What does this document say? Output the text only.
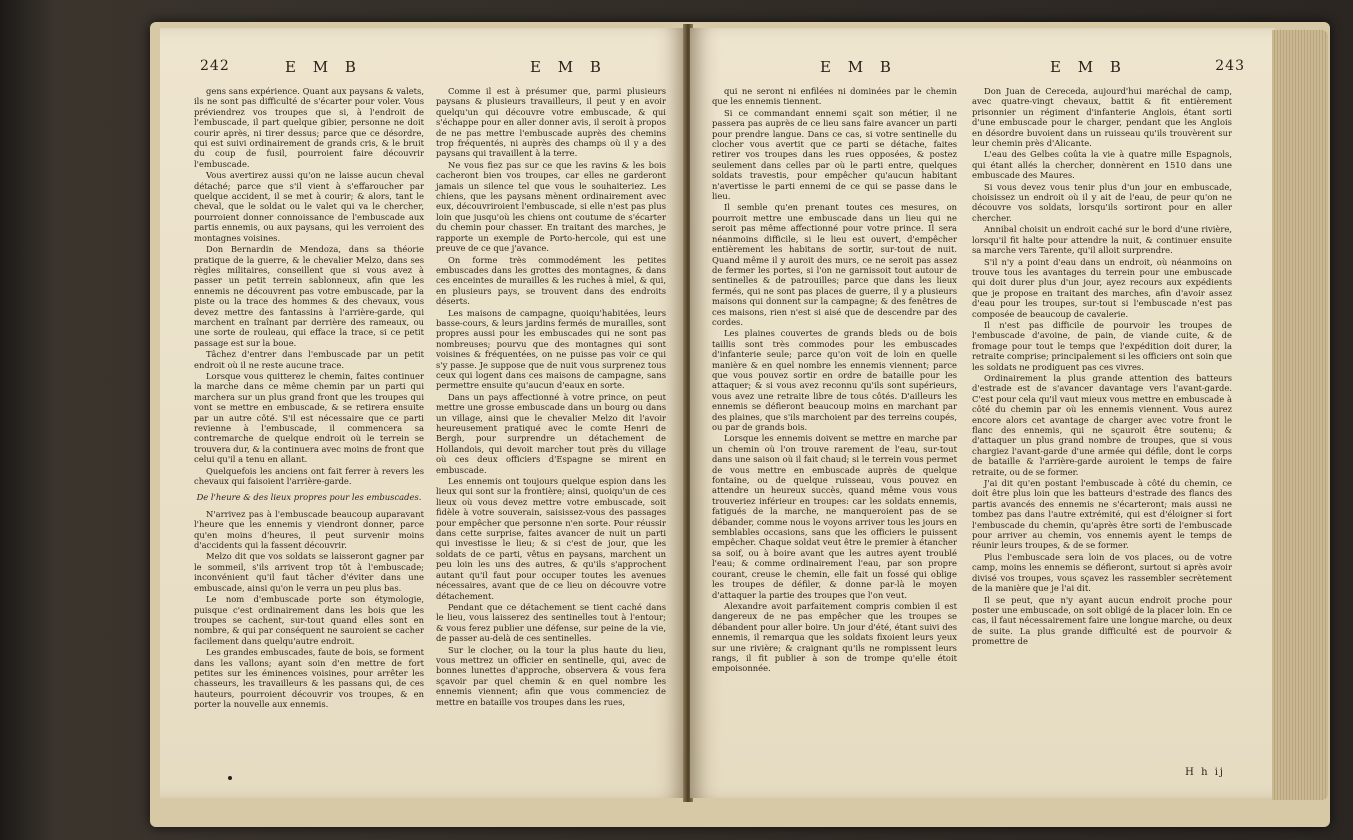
242	E M B	E M B

gens sans expérience. Quant aux paysans & valets, ils ne sont pas difficulté de s'écarter pour voler. Vous préviendrez vos troupes que si, à l'endroit de l'embuscade, il part quelque gibier, personne ne doit courir après, ni tirer dessus; parce que ce désordre, qui est suivi ordinairement de grands cris, & le bruit du coup de fusil, pourroient faire découvrir l'embuscade.

Vous avertirez aussi qu'on ne laisse aucun cheval détaché; parce que s'il vient à s'effaroucher par quelque accident, il se met à courir; & alors, tant le cheval, que le soldat ou le valet qui va le chercher, pourroient donner connoissance de l'embuscade aux partis ennemis, ou aux paysans, qui les verroient des montagnes voisines.

Don Bernardin de Mendoza, dans sa théorie pratique de la guerre, & le chevalier Melzo, dans ses règles militaires, conseillent que si vous avez à passer un petit terrein sablonneux, afin que les ennemis ne découvrent pas votre embuscade, par la piste ou la trace des hommes & des chevaux, vous devez mettre des fantassins à l'arrière-garde, qui marchent en traînant par derrière des rameaux, ou une sorte de rouleau, qui efface la trace, si ce petit passage est sur la boue.

Tâchez d'entrer dans l'embuscade par un petit endroit où il ne reste aucune trace.

Lorsque vous quitterez le chemin, faites continuer la marche dans ce même chemin par un parti qui marchera sur un plus grand front que les troupes qui vont se mettre en embuscade, & se retirera ensuite par un autre côté. S'il est nécessaire que ce parti revienne à l'embuscade, il commencera sa contremarche de quelque endroit où le terrein se trouvera dur, & la continuera avec moins de front que celui qu'il a tenu en allant.

Quelquefois les anciens ont fait ferrer à revers les chevaux qui faisoient l'arrière-garde.

De l'heure & des lieux propres pour les embuscades.

N'arrivez pas à l'embuscade beaucoup auparavant l'heure que les ennemis y viendront donner, parce qu'en moins d'heures, il peut survenir moins d'accidents qui la fassent découvrir.

Melzo dit que vos soldats se laisseront gagner par le sommeil, s'ils arrivent trop tôt à l'embuscade; inconvénient qu'il faut tâcher d'éviter dans une embuscade, ainsi qu'on le verra un peu plus bas.

Le nom d'embuscade porte son étymologie, puisque c'est ordinairement dans les bois que les troupes se cachent, sur-tout quand elles sont en nombre, & qui par conséquent ne sauroient se cacher facilement dans quelqu'autre endroit.

Les grandes embuscades, faute de bois, se forment dans les vallons; ayant soin d'en mettre de fort petites sur les éminences voisines, pour arrêter les chasseurs, les travailleurs & les passans qui, de ces hauteurs, pourroient découvrir vos troupes, & en porter la nouvelle aux ennemis.

Comme il est à présumer que, parmi plusieurs paysans & plusieurs travailleurs, il peut y en avoir quelqu'un qui découvre votre embuscade, & qui s'échappe pour en aller donner avis, il seroit à propos de ne pas mettre l'embuscade auprès des chemins trop fréquentés, ni auprès des champs où il y a des paysans qui travaillent à la terre.

Ne vous fiez pas sur ce que les ravins & les bois cacheront bien vos troupes, car elles ne garderont jamais un silence tel que vous le souhaiteriez. Les chiens, que les paysans mènent ordinairement avec eux, découvriroient l'embuscade, si elle n'est pas plus loin que jusqu'où les chiens ont coutume de s'écarter du chemin pour chasser. En traitant des marches, je rapporte un exemple de Porto-hercole, qui est une preuve de ce que j'avance.

On forme très commodément les petites embuscades dans les grottes des montagnes, & dans ces enceintes de murailles & les ruches à miel, & qui, en plusieurs pays, se trouvent dans des endroits déserts.

Les maisons de campagne, quoiqu'habitées, leurs basse-cours, & leurs jardins fermés de murailles, sont propres aussi pour les embuscades qui ne sont pas nombreuses; pourvu que des montagnes qui sont voisines & fréquentées, on ne puisse pas voir ce qui s'y passe. Je suppose que de nuit vous surprenez tous ceux qui logent dans ces maisons de campagne, sans permettre ensuite qu'aucun d'eaux en sorte.

Dans un pays affectionné à votre prince, on peut mettre une grosse embuscade dans un bourg ou dans un village, ainsi que le chevalier Melzo dit l'avoir heureusement pratiqué avec le comte Henri de Bergh, pour surprendre un détachement de Hollandois, qui devoit marcher tout près du village où ces deux officiers d'Espagne se mirent en embuscade.

Les ennemis ont toujours quelque espion dans les lieux qui sont sur la frontière; ainsi, quoiqu'un de ces lieux où vous devez mettre votre embuscade, soit fidèle à votre souverain, saisissez-vous des passages pour empêcher que personne n'en sorte. Pour réussir dans cette surprise, faites avancer de nuit un parti qui investisse le lieu; & si c'est de jour, que les soldats de ce parti, vêtus en paysans, marchent un peu loin les uns des autres, & qu'ils s'approchent autant qu'il faut pour occuper toutes les avenues nécessaires, avant que de ce lieu on découvre votre détachement.

Pendant que ce détachement se tient caché dans le lieu, vous laisserez des sentinelles tout à l'entour; & vous ferez publier une défense, sur peine de la vie, de passer au-delà de ces sentinelles.

Sur le clocher, ou la tour la plus haute du lieu, vous mettrez un officier en sentinelle, qui, avec de bonnes lunettes d'approche, observera & vous fera sçavoir par quel chemin & en quel nombre les ennemis viennent; afin que vous commenciez de mettre en bataille vos troupes dans les rues,

E M B	E M B	243

qui ne seront ni enfilées ni dominées par le chemin que les ennemis tiennent.

Si ce commandant ennemi sçait son métier, il ne passera pas auprès de ce lieu sans faire avancer un parti pour prendre langue. Dans ce cas, si votre sentinelle du clocher vous avertit que ce parti se détache, faites retirer vos troupes dans les rues opposées, & postez seulement dans celles par où le parti entre, quelques soldats travestis, pour empêcher qu'aucun habitant n'avertisse le parti ennemi de ce qui se passe dans le lieu.

Il semble qu'en prenant toutes ces mesures, on pourroit mettre une embuscade dans un lieu qui ne seroit pas même affectionné pour votre prince. Il sera néanmoins difficile, si le lieu est ouvert, d'empêcher entièrement les habitans de sortir, sur-tout de nuit. Quand même il y auroit des murs, ce ne seroit pas assez de fermer les portes, si l'on ne garnissoit tout autour de sentinelles & de patrouilles; parce que dans les lieux fermés, qui ne sont pas places de guerre, il y a plusieurs maisons qui donnent sur la campagne; & des fenêtres de ces maisons, rien n'est si aisé que de descendre par des cordes.

Les plaines couvertes de grands bleds ou de bois taillis sont très commodes pour les embuscades d'infanterie seule; parce qu'on voit de loin en quelle manière & en quel nombre les ennemis viennent; parce que vous pouvez sortir en ordre de bataille pour les attaquer; & si vous avez reconnu qu'ils sont supérieurs, vous avez une retraite libre de tous côtés. D'ailleurs les ennemis se défieront beaucoup moins en marchant par des plaines, que s'ils marchoient par des terreins coupés, ou par de grands bois.

Lorsque les ennemis doivent se mettre en marche par un chemin où l'on trouve rarement de l'eau, sur-tout dans une saison où il fait chaud; si le terrein vous permet de vous mettre en embuscade auprès de quelque fontaine, ou de quelque ruisseau, vous pouvez en attendre un heureux succès, quand même vous vous trouveriez inférieur en troupes: car les soldats ennemis, fatigués de la marche, ne manqueroient pas de se débander, comme nous le voyons arriver tous les jours en semblables occasions, sans que les officiers le puissent empêcher. Chaque soldat veut être le premier à étancher sa soif, ou à boire avant que les autres ayent troublé l'eau; & comme ordinairement l'eau, par son propre courant, creuse le chemin, elle fait un fossé qui oblige les troupes de défiler, & donne par-là le moyen d'attaquer la partie des troupes que l'on veut.

Alexandre avoit parfaitement compris combien il est dangereux de ne pas empêcher que les troupes se débandent pour aller boire. Un jour d'été, étant suivi des ennemis, il remarqua que les soldats fixoient leurs yeux sur une rivière; & craignant qu'ils ne rompissent leurs rangs, il fit publier à son de trompe qu'elle étoit empoisonnée.

Don Juan de Cereceda, aujourd'hui maréchal de camp, avec quatre-vingt chevaux, battit & fit entièrement prisonnier un régiment d'infanterie Anglois, étant sorti d'une embuscade pour le charger, pendant que les Anglois en désordre buvoient dans un ruisseau qu'ils trouvèrent sur leur chemin près d'Alicante.

L'eau des Gelbes coûta la vie à quatre mille Espagnols, qui étant allés la chercher, donnèrent en 1510 dans une embuscade des Maures.

Si vous devez vous tenir plus d'un jour en embuscade, choisissez un endroit où il y ait de l'eau, de peur qu'on ne découvre vos soldats, lorsqu'ils sortiront pour en aller chercher.

Annibal choisit un endroit caché sur le bord d'une rivière, lorsqu'il fit halte pour attendre la nuit, & continuer ensuite sa marche vers Tarente, qu'il alloit surprendre.

S'il n'y a point d'eau dans un endroit, où néanmoins on trouve tous les avantages du terrein pour une embuscade qui doit durer plus d'un jour, ayez recours aux expédients que je propose en traitant des marches, afin d'avoir assez d'eau pour les troupes, sur-tout si l'embuscade n'est pas composée de beaucoup de cavalerie.

Il n'est pas difficile de pourvoir les troupes de l'embuscade d'avoine, de pain, de viande cuite, & de fromage pour tout le temps que l'expédition doit durer, la retraite comprise; principalement si les officiers ont soin que les soldats ne prodiguent pas ces vivres.

Ordinairement la plus grande attention des batteurs d'estrade est de s'avancer davantage vers l'avant-garde. C'est pour cela qu'il vaut mieux vous mettre en embuscade à côté du chemin par où les ennemis viennent. Vous aurez encore alors cet avantage de charger avec votre front le flanc des ennemis, qui ne sçauroit être soutenu; & d'attaquer un plus grand nombre de troupes, que si vous chargiez l'avant-garde d'une armée qui défile, dont le corps de bataille & l'arrière-garde auroient le temps de faire retraite, ou de se former.

J'ai dit qu'en postant l'embuscade à côté du chemin, ce doit être plus loin que les batteurs d'estrade des flancs des partis avancés des ennemis ne s'écarteront; mais aussi ne tombez pas dans l'autre extrémité, qui est d'éloigner si fort l'embuscade du chemin, qu'après être sorti de l'embuscade pour arriver au chemin, vos ennemis ayent le temps de réunir leurs troupes, & de se former.

Plus l'embuscade sera loin de vos places, ou de votre camp, moins les ennemis se défieront, surtout si après avoir divisé vos troupes, vous sçavez les rassembler secrètement de la manière que je l'ai dit.

Il se peut, que n'y ayant aucun endroit proche pour poster une embuscade, on soit obligé de la placer loin. En ce cas, il faut nécessairement faire une longue marche, ou deux de suite. La plus grande difficulté est de pourvoir & promettre de

H h ij
